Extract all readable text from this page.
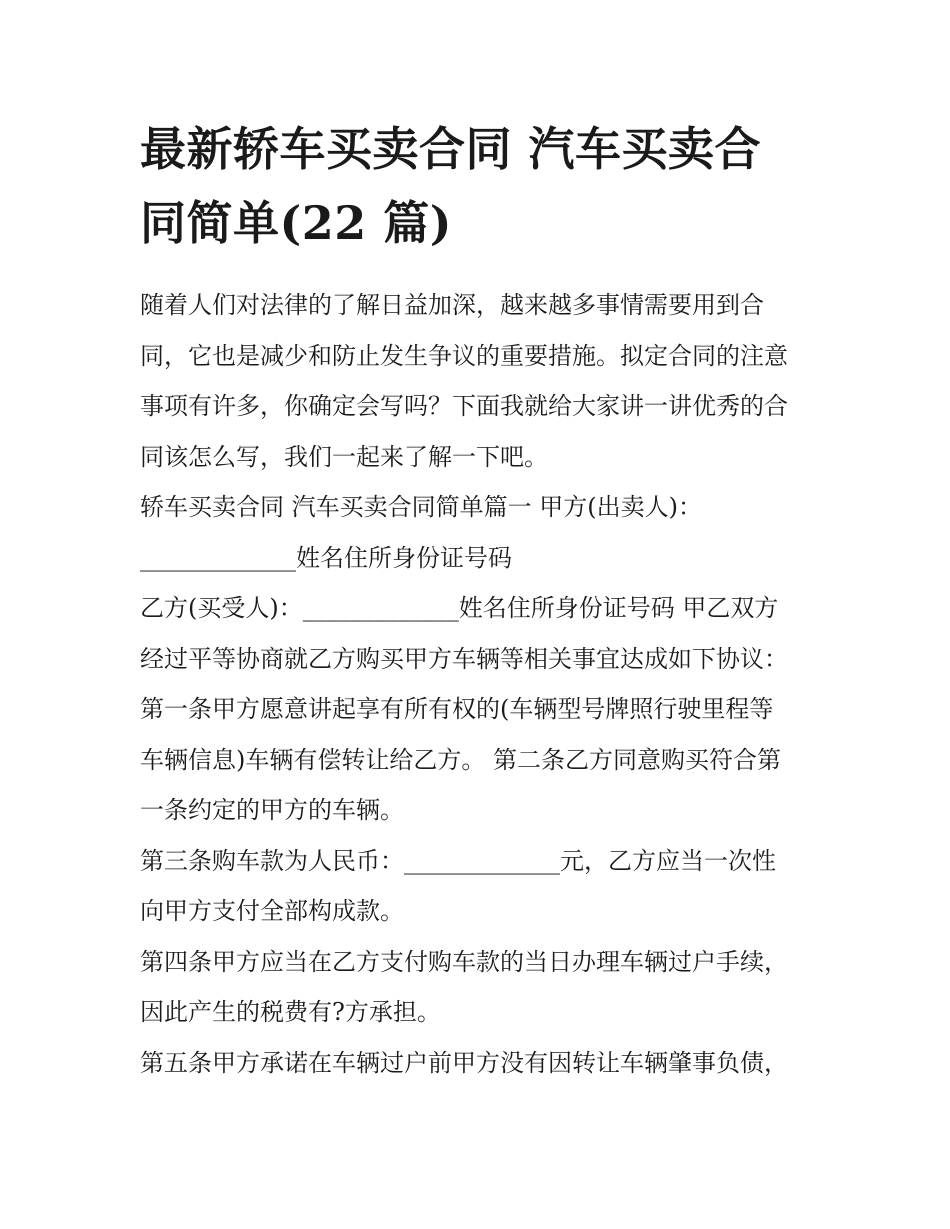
最新轿车买卖合同 汽车买卖合
同简单(22 篇)
随着人们对法律的了解日益加深，越来越多事情需要用到合
同，它也是减少和防止发生争议的重要措施。拟定合同的注意
事项有许多，你确定会写吗？下面我就给大家讲一讲优秀的合
同该怎么写，我们一起来了解一下吧。
轿车买卖合同 汽车买卖合同简单篇一 甲方(出卖人)：
_____________姓名住所身份证号码
乙方(买受人)：_____________姓名住所身份证号码 甲乙双方
经过平等协商就乙方购买甲方车辆等相关事宜达成如下协议：
第一条甲方愿意讲起享有所有权的(车辆型号牌照行驶里程等
车辆信息)车辆有偿转让给乙方。 第二条乙方同意购买符合第
一条约定的甲方的车辆。
第三条购车款为人民币：_____________元，乙方应当一次性
向甲方支付全部构成款。
第四条甲方应当在乙方支付购车款的当日办理车辆过户手续，
因此产生的税费有?方承担。
第五条甲方承诺在车辆过户前甲方没有因转让车辆肇事负债，
